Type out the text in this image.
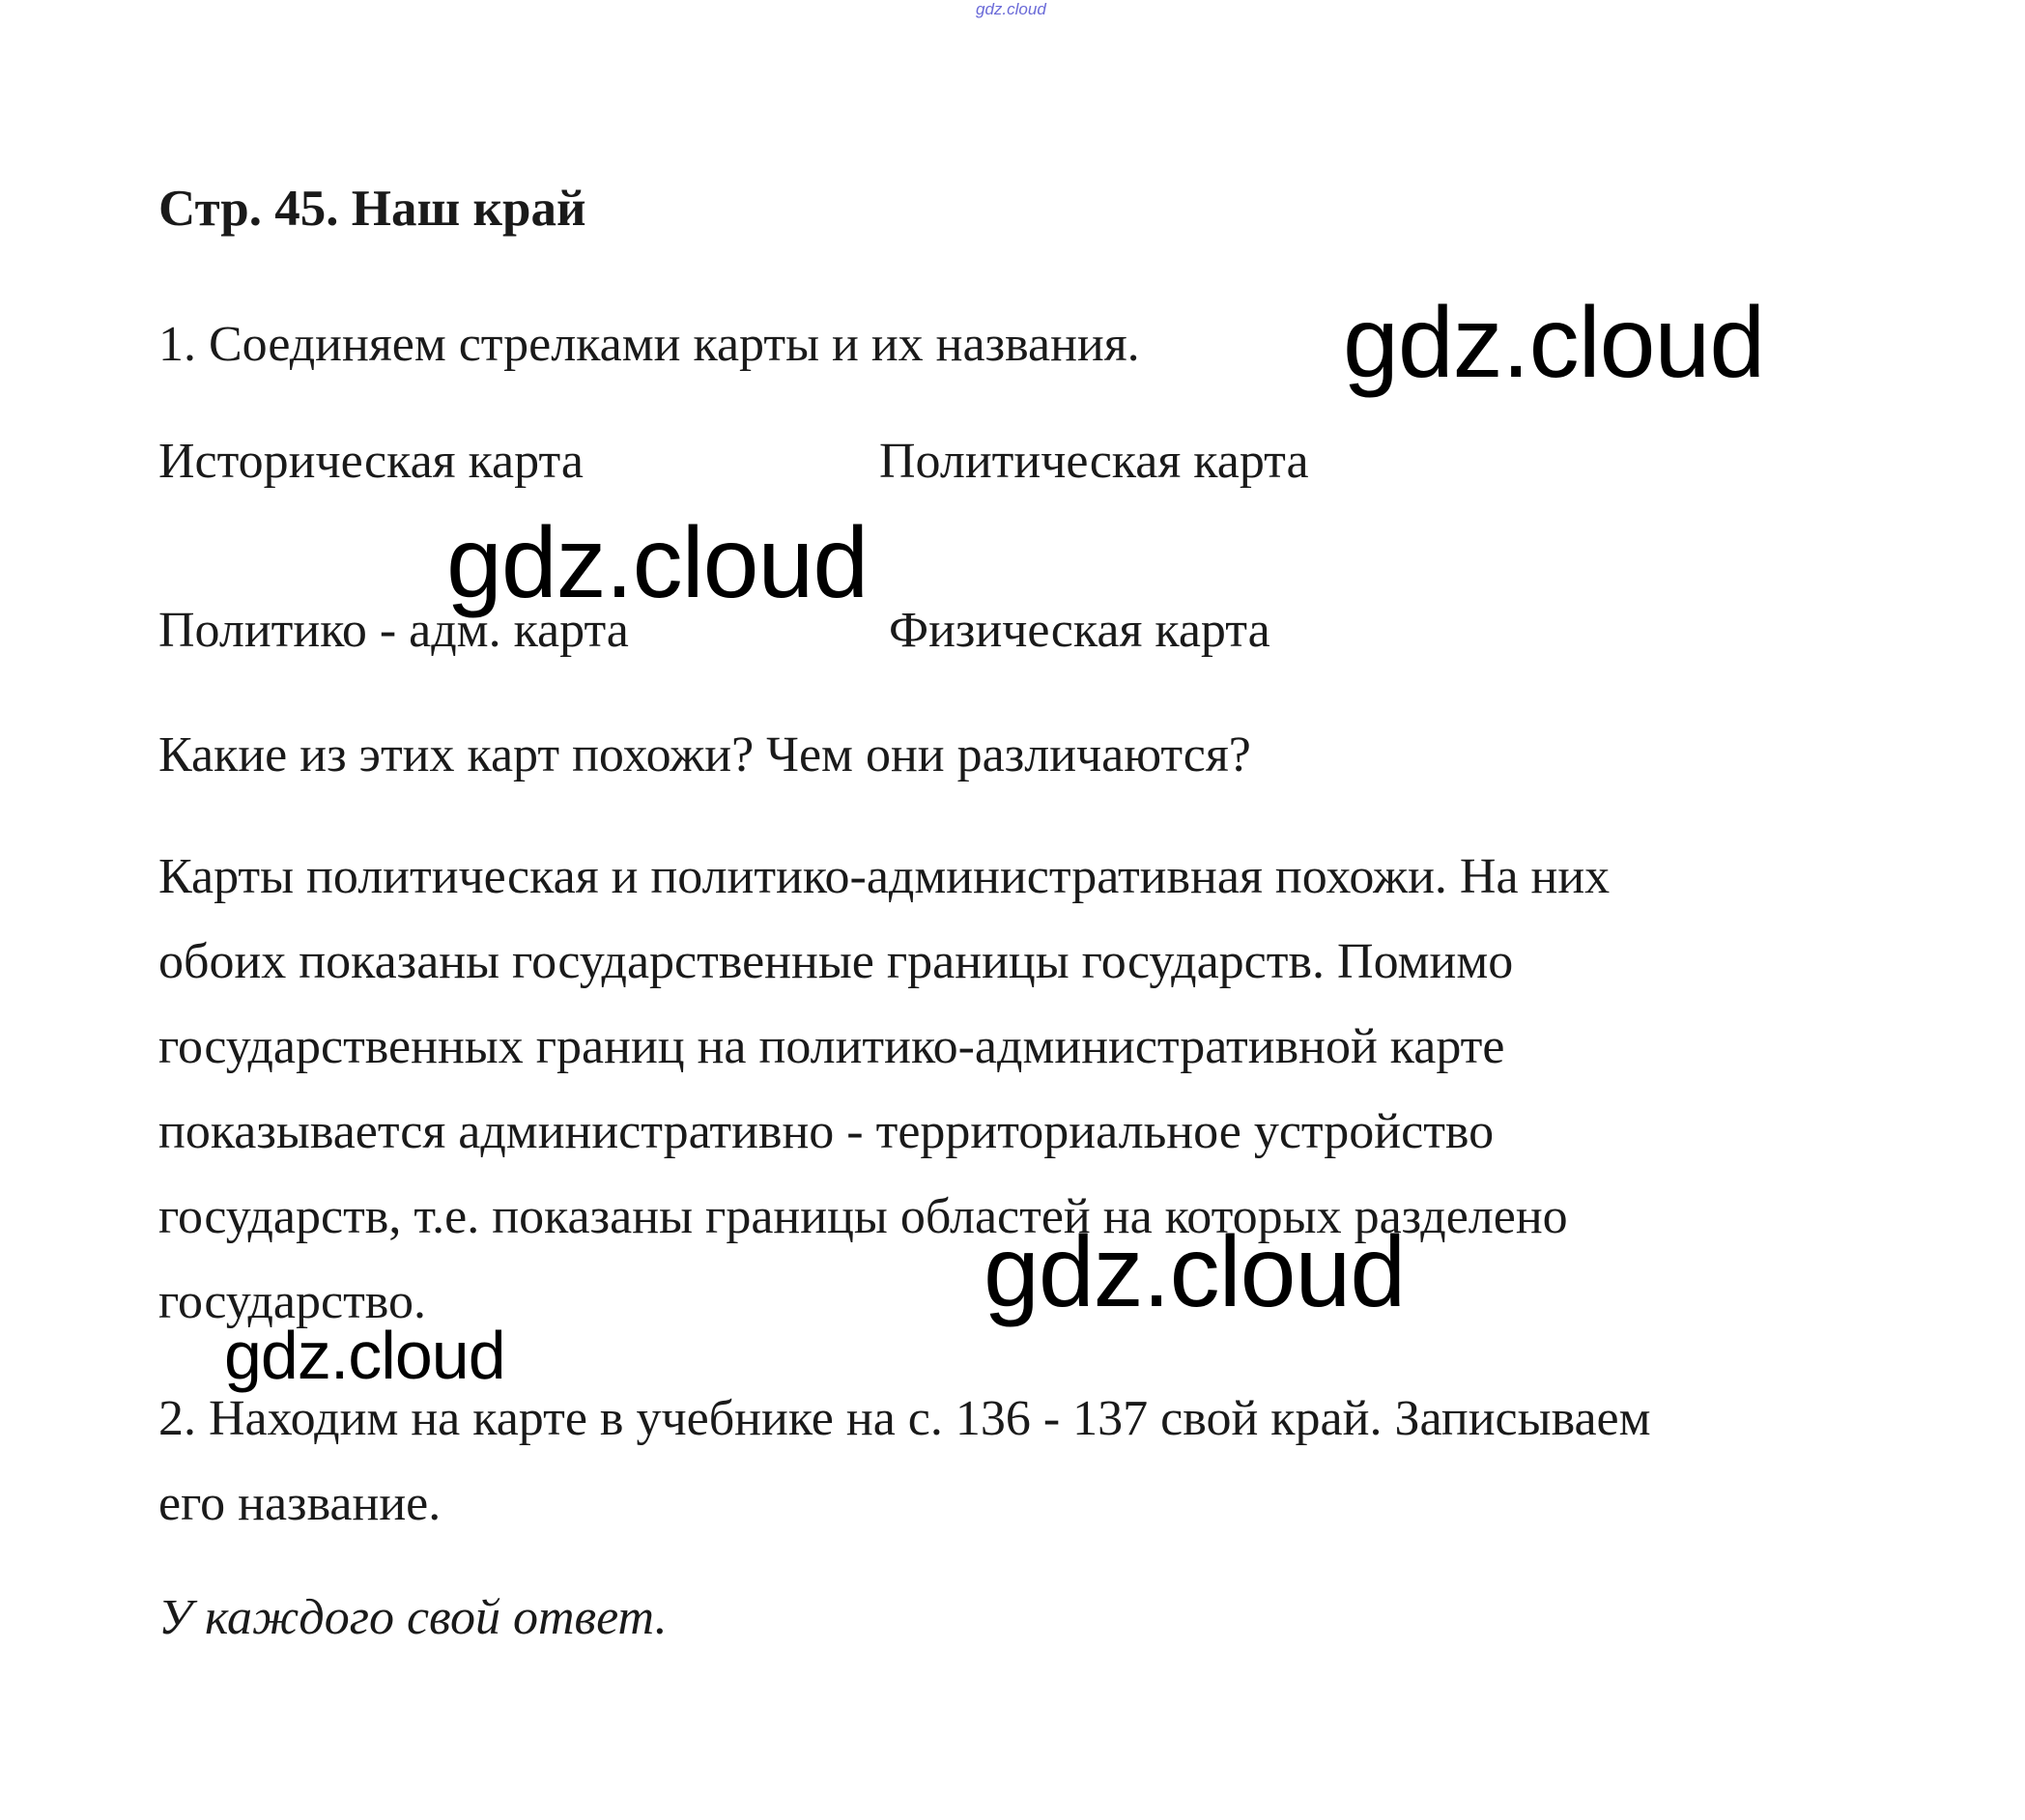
gdz.cloud
Стр. 45. Наш край
1. Соединяем стрелками карты и их названия.
Историческая карта	Политическая карта
Политико - адм. карта	Физическая карта
Какие из этих карт похожи? Чем они различаются?
Карты политическая и политико-административная похожи. На них
обоих показаны государственные границы государств. Помимо
государственных границ на политико-административной карте
показывается административно - территориальное устройство
государств, т.е. показаны границы областей на которых разделено
государство.
2. Находим на карте в учебнике на с. 136 - 137 свой край. Записываем
его название.
У каждого свой ответ.
gdz.cloud
gdz.cloud
gdz.cloud
gdz.cloud
